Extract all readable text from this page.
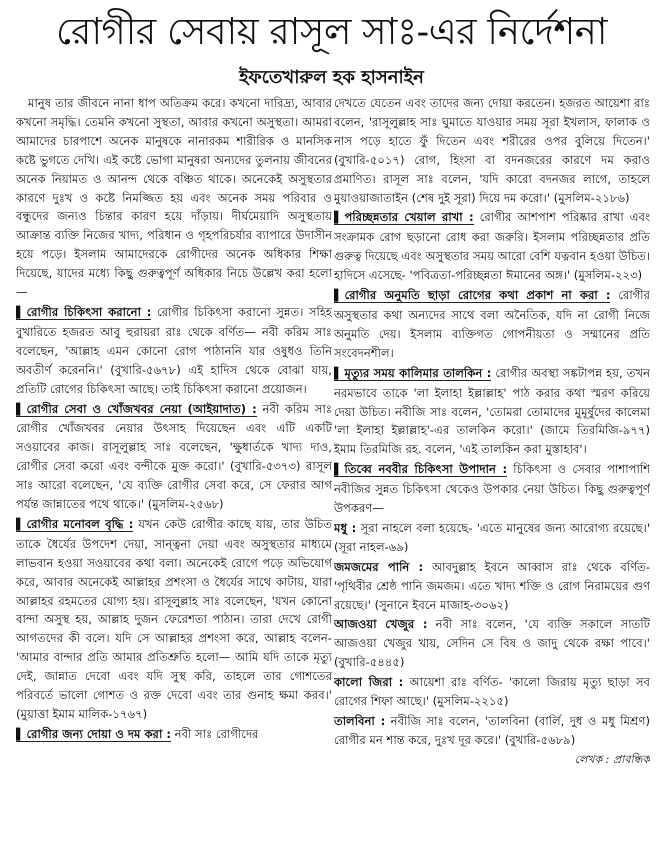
রোগীর সেবায় রাসূল সাঃ-এর নির্দেশনা
ইফতেখারুল হক হাসনাইন

মানুষ তার জীবনে নানা ধাপ অতিক্রম করে। কখনো দারিদ্র্য, আবার কখনো সমৃদ্ধি। তেমনি কখনো সুস্থতা, আবার কখনো অসুস্থতা। আমরা আমাদের চারপাশে অনেক মানুষকে নানারকম শারীরিক ও মানসিক কষ্টে ভুগতে দেখি। এই কষ্টে ভোগা মানুষরা অন্যদের তুলনায় জীবনের অনেক নিয়ামত ও আনন্দ থেকে বঞ্চিত থাকে। অনেকেই অসুস্থতার কারণে দুঃখ ও কষ্টে নিমজ্জিত হয় এবং অনেক সময় পরিবার ও বন্ধুদের জন্যও চিন্তার কারণ হয়ে দাঁড়ায়। দীর্ঘমেয়াদি অসুস্থতায় আক্রান্ত ব্যক্তি নিজের খাদ্য, পরিধান ও গৃহপরিচর্যার ব্যাপারে উদাসীন হয়ে পড়ে। ইসলাম আমাদেরকে রোগীদের অনেক অধিকার শিক্ষা দিয়েছে, যাদের মধ্যে কিছু গুরুত্বপূর্ণ অধিকার নিচে উল্লেখ করা হলো—

▌ রোগীর চিকিৎসা করানো : রোগীর চিকিৎসা করানো সুন্নত। সহিহ বুখারিতে হজরত আবু হুরায়রা রাঃ থেকে বর্ণিত— নবী করিম সাঃ বলেছেন, 'আল্লাহ এমন কোনো রোগ পাঠাননি যার ওষুধও তিনি অবতীর্ণ করেননি।' (বুখারি-৫৬৭৮) এই হাদিস থেকে বোঝা যায়, প্রতিটি রোগের চিকিৎসা আছে। তাই চিকিৎসা করানো প্রয়োজন।

▌ রোগীর সেবা ও খোঁজখবর নেয়া (আইয়াদাত) : নবী করিম সাঃ রোগীর খোঁজখবর নেয়ার উৎসাহ দিয়েছেন এবং এটি একটি সওয়াবের কাজ। রাসূলুল্লাহ সাঃ বলেছেন, 'ক্ষুধার্তকে খাদ্য দাও, রোগীর সেবা করো এবং বন্দীকে মুক্ত করো।' (বুখারি-৫৩৭৩) রাসূল সাঃ আরো বলেছেন, 'যে ব্যক্তি রোগীর সেবা করে, সে ফেরার আগ পর্যন্ত জান্নাতের পথে থাকে।' (মুসলিম-২৫৬৮)

▌ রোগীর মনোবল বৃদ্ধি : যখন কেউ রোগীর কাছে যায়, তার উচিত তাকে ধৈর্যের উপদেশ দেয়া, সান্ত্বনা দেয়া এবং অসুস্থতার মাধ্যমে লাভবান হওয়া সওয়াবের কথা বলা। অনেকেই রোগে পড়ে অভিযোগ করে, আবার অনেকেই আল্লাহর প্রশংসা ও ধৈর্যের সাথে কাটায়, যারা আল্লাহর রহমতের যোগ্য হয়। রাসূলুল্লাহ সাঃ বলেছেন, 'যখন কোনো বান্দা অসুস্থ হয়, আল্লাহ দুজন ফেরেশতা পাঠান। তারা দেখে রোগী আগতদের কী বলে। যদি সে আল্লাহর প্রশংসা করে, আল্লাহ বলেন-'আমার বান্দার প্রতি আমার প্রতিশ্রুতি হলো— আমি যদি তাকে মৃত্যু দেই, জান্নাত দেবো এবং যদি সুস্থ করি, তাহলে তার গোশতের পরিবর্তে ভালো গোশত ও রক্ত দেবো এবং তার গুনাহ ক্ষমা করব।' (মুয়াত্তা ইমাম মালিক-১৭৬৭)

▌ রোগীর জন্য দোয়া ও দম করা : নবী সাঃ রোগীদের

দেখতে যেতেন এবং তাদের জন্য দোয়া করতেন। হজরত আয়েশা রাঃ বলেন, 'রাসূলুল্লাহ সাঃ ঘুমাতে যাওয়ার সময় সূরা ইখলাস, ফালাক ও নাস পড়ে হাতে ফুঁ দিতেন এবং শরীরের ওপর বুলিয়ে দিতেন।' (বুখারি-৫০১৭) রোগ, হিংসা বা বদনজরের কারণে দম করাও প্রমাণিত। রাসূল সাঃ বলেন, 'যদি কারো বদনজর লাগে, তাহলে মুয়াওয়াজাতাইন (শেষ দুই সূরা) দিয়ে দম করো।' (মুসলিম-২১৮৬)

▌ পরিচ্ছন্নতার খেয়াল রাখা : রোগীর আশপাশ পরিষ্কার রাখা এবং সংক্রামক রোগ ছড়ানো রোধ করা জরুরি। ইসলাম পরিচ্ছন্নতার প্রতি গুরুত্ব দিয়েছে এবং অসুস্থতার সময় আরো বেশি যত্নবান হওয়া উচিত। হাদিসে এসেছে- 'পবিত্রতা-পরিচ্ছন্নতা ঈমানের অঙ্গ।' (মুসলিম-২২৩)

▌ রোগীর অনুমতি ছাড়া রোগের কথা প্রকাশ না করা : রোগীর অসুস্থতার কথা অন্যদের সাথে বলা অনৈতিক, যদি না রোগী নিজে অনুমতি দেয়। ইসলাম ব্যক্তিগত গোপনীয়তা ও সম্মানের প্রতি সংবেদনশীল।

▌ মৃত্যুর সময় কালিমার তালকিন : রোগীর অবস্থা সঙ্কটাপন্ন হয়, তখন নরমভাবে তাকে 'লা ইলাহা ইল্লাল্লাহ' পাঠ করার কথা স্মরণ করিয়ে দেয়া উচিত। নবীজি সাঃ বলেন, 'তোমরা তোমাদের মুমূর্ষুদের কালেমা 'লা ইলাহা ইল্লাল্লাহ'-এর তালকিন করো।' (জামে তিরমিজি-৯৭৭) ইমাম তিরমিজি রহ. বলেন, 'এই তালকিন করা মুস্তাহাব'।

▌ তিব্বে নববীর চিকিৎসা উপাদান : চিকিৎসা ও সেবার পাশাপাশি নবীজির সুন্নত চিকিৎসা থেকেও উপকার নেয়া উচিত। কিছু গুরুত্বপূর্ণ উপকরণ—

মধু : সূরা নাহলে বলা হয়েছে- 'এতে মানুষের জন্য আরোগ্য রয়েছে।' (সূরা নাহল-৬৯)

জমজমের পানি : আবদুল্লাহ ইবনে আব্বাস রাঃ থেকে বর্ণিত- 'পৃথিবীর শ্রেষ্ঠ পানি জমজম। এতে খাদ্য শক্তি ও রোগ নিরাময়ের গুণ রয়েছে।' (সুনানে ইবনে মাজাহ-৩০৬২)

আজওয়া খেজুর : নবী সাঃ বলেন, 'যে ব্যক্তি সকালে সাতটি আজওয়া খেজুর খায়, সেদিন সে বিষ ও জাদু থেকে রক্ষা পাবে।' (বুখারি-৫৪৪৫)

কালো জিরা : আয়েশা রাঃ বর্ণিত- 'কালো জিরায় মৃত্যু ছাড়া সব রোগের শিফা আছে।' (মুসলিম-২২১৫)

তালবিনা : নবীজি সাঃ বলেন, 'তালবিনা (বার্লি, দুধ ও মধু মিশ্রণ) রোগীর মন শান্ত করে, দুঃখ দূর করে।' (বুখারি-৫৬৮৯)

লেখক : প্রাবন্ধিক
